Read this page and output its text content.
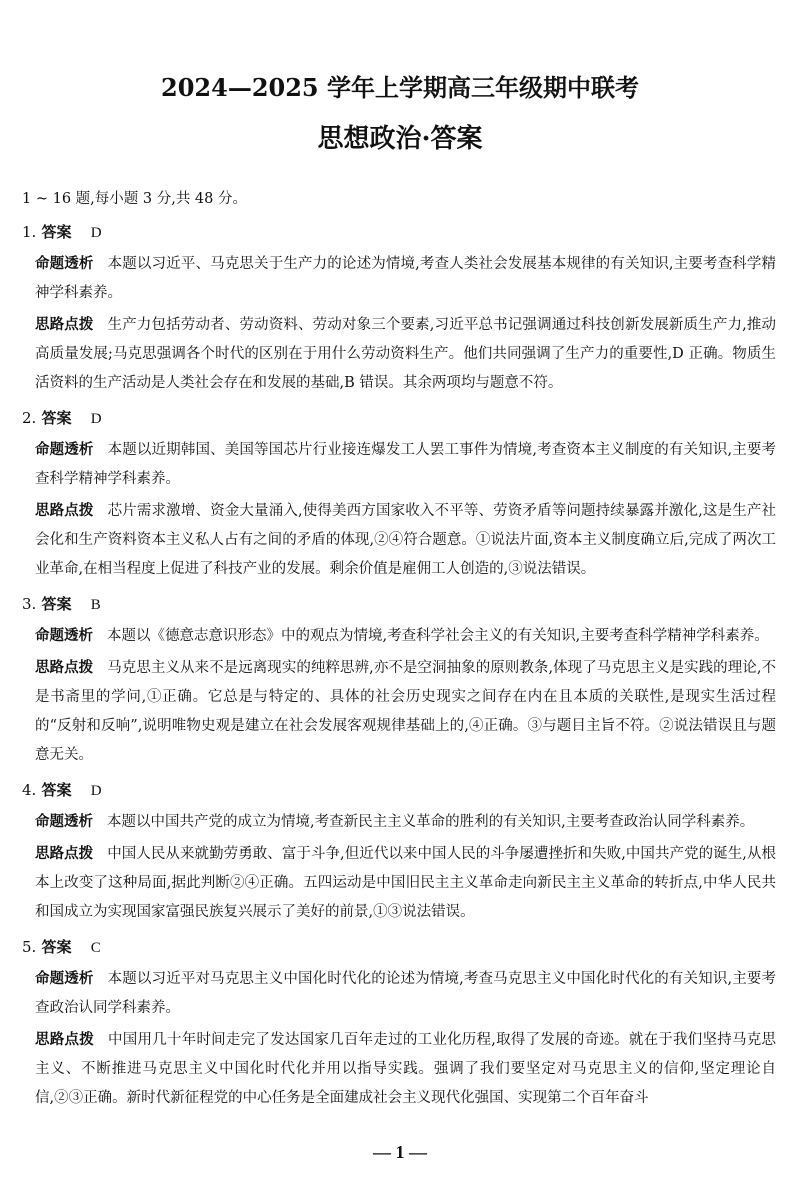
2024—2025 学年上学期高三年级期中联考
思想政治·答案

1 ~ 16 题,每小题 3 分,共 48 分。

1. 答案 D

命题透析 本题以习近平、马克思关于生产力的论述为情境,考查人类社会发展基本规律的有关知识,主要考查科学精神学科素养。

思路点拨 生产力包括劳动者、劳动资料、劳动对象三个要素,习近平总书记强调通过科技创新发展新质生产力,推动高质量发展;马克思强调各个时代的区别在于用什么劳动资料生产。他们共同强调了生产力的重要性,D 正确。物质生活资料的生产活动是人类社会存在和发展的基础,B 错误。其余两项均与题意不符。

2. 答案 D

命题透析 本题以近期韩国、美国等国芯片行业接连爆发工人罢工事件为情境,考查资本主义制度的有关知识,主要考查科学精神学科素养。

思路点拨 芯片需求激增、资金大量涌入,使得美西方国家收入不平等、劳资矛盾等问题持续暴露并激化,这是生产社会化和生产资料资本主义私人占有之间的矛盾的体现,②④符合题意。①说法片面,资本主义制度确立后,完成了两次工业革命,在相当程度上促进了科技产业的发展。剩余价值是雇佣工人创造的,③说法错误。

3. 答案 B

命题透析 本题以《德意志意识形态》中的观点为情境,考查科学社会主义的有关知识,主要考查科学精神学科素养。

思路点拨 马克思主义从来不是远离现实的纯粹思辨,亦不是空洞抽象的原则教条,体现了马克思主义是实践的理论,不是书斋里的学问,①正确。它总是与特定的、具体的社会历史现实之间存在内在且本质的关联性,是现实生活过程的“反射和反响”,说明唯物史观是建立在社会发展客观规律基础上的,④正确。③与题目主旨不符。②说法错误且与题意无关。

4. 答案 D

命题透析 本题以中国共产党的成立为情境,考查新民主主义革命的胜利的有关知识,主要考查政治认同学科素养。

思路点拨 中国人民从来就勤劳勇敢、富于斗争,但近代以来中国人民的斗争屡遭挫折和失败,中国共产党的诞生,从根本上改变了这种局面,据此判断②④正确。五四运动是中国旧民主主义革命走向新民主主义革命的转折点,中华人民共和国成立为实现国家富强民族复兴展示了美好的前景,①③说法错误。

5. 答案 C

命题透析 本题以习近平对马克思主义中国化时代化的论述为情境,考查马克思主义中国化时代化的有关知识,主要考查政治认同学科素养。

思路点拨 中国用几十年时间走完了发达国家几百年走过的工业化历程,取得了发展的奇迹。就在于我们坚持马克思主义、不断推进马克思主义中国化时代化并用以指导实践。强调了我们要坚定对马克思主义的信仰,坚定理论自信,②③正确。新时代新征程党的中心任务是全面建成社会主义现代化强国、实现第二个百年奋斗

— 1 —
